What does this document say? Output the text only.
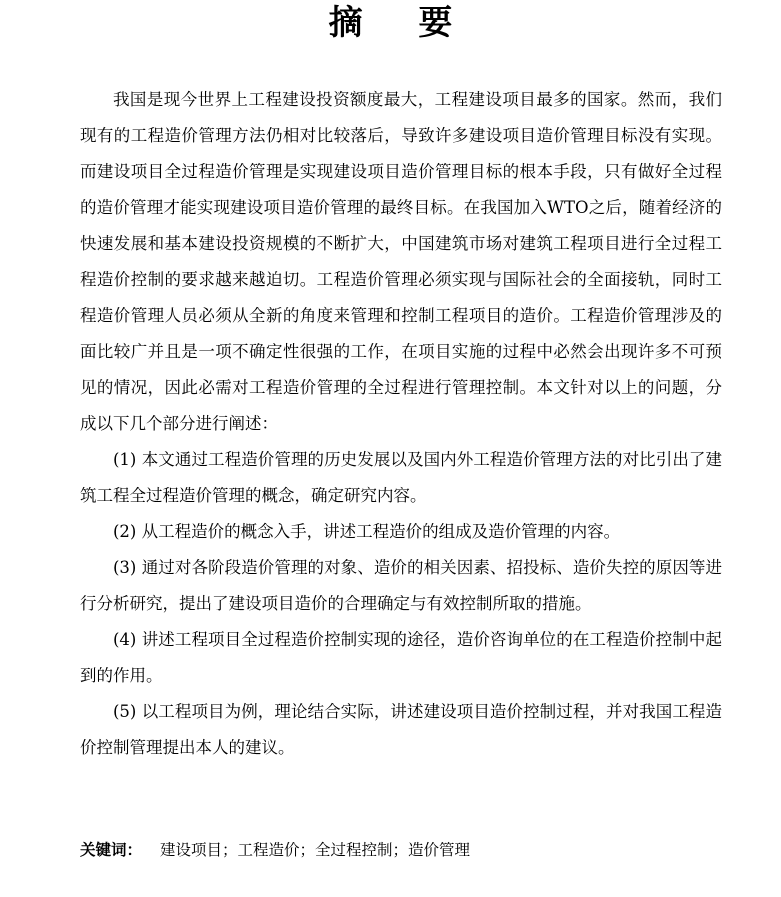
摘 要

我国是现今世界上工程建设投资额度最大，工程建设项目最多的国家。然而，我们现有的工程造价管理方法仍相对比较落后，导致许多建设项目造价管理目标没有实现。而建设项目全过程造价管理是实现建设项目造价管理目标的根本手段，只有做好全过程的造价管理才能实现建设项目造价管理的最终目标。在我国加入WTO之后，随着经济的快速发展和基本建设投资规模的不断扩大，中国建筑市场对建筑工程项目进行全过程工程造价控制的要求越来越迫切。工程造价管理必须实现与国际社会的全面接轨，同时工程造价管理人员必须从全新的角度来管理和控制工程项目的造价。工程造价管理涉及的面比较广并且是一项不确定性很强的工作，在项目实施的过程中必然会出现许多不可预见的情况，因此必需对工程造价管理的全过程进行管理控制。本文针对以上的问题，分成以下几个部分进行阐述：

(1) 本文通过工程造价管理的历史发展以及国内外工程造价管理方法的对比引出了建筑工程全过程造价管理的概念，确定研究内容。

(2) 从工程造价的概念入手，讲述工程造价的组成及造价管理的内容。

(3) 通过对各阶段造价管理的对象、造价的相关因素、招投标、造价失控的原因等进行分析研究，提出了建设项目造价的合理确定与有效控制所取的措施。

(4) 讲述工程项目全过程造价控制实现的途径，造价咨询单位的在工程造价控制中起到的作用。

(5) 以工程项目为例，理论结合实际，讲述建设项目造价控制过程，并对我国工程造价控制管理提出本人的建议。

关键词： 建设项目；工程造价；全过程控制；造价管理
